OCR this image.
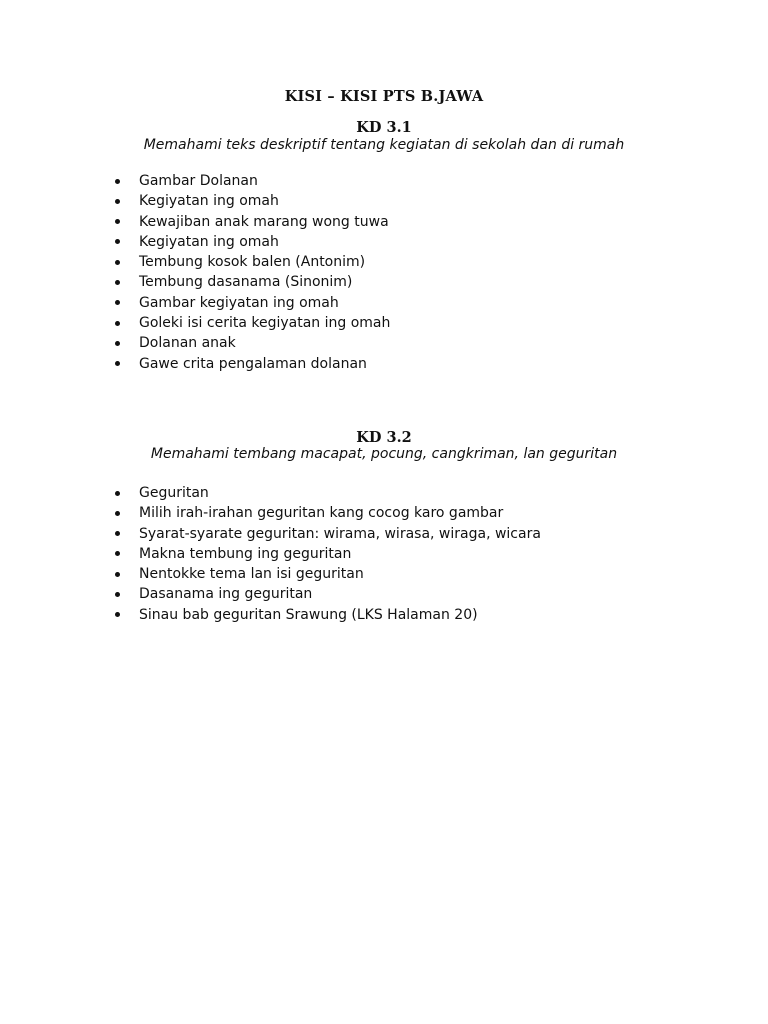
KISI – KISI PTS B.JAWA
KD 3.1
Memahami teks deskriptif tentang kegiatan di sekolah dan di rumah
Gambar Dolanan
Kegiyatan ing omah
Kewajiban anak marang wong tuwa
Kegiyatan ing omah
Tembung kosok balen (Antonim)
Tembung dasanama (Sinonim)
Gambar kegiyatan ing omah
Goleki isi cerita kegiyatan ing omah
Dolanan anak
Gawe crita pengalaman dolanan
KD 3.2
Memahami tembang macapat, pocung, cangkriman, lan geguritan
Geguritan
Milih irah-irahan geguritan kang cocog karo gambar
Syarat-syarate geguritan: wirama, wirasa, wiraga, wicara
Makna tembung ing geguritan
Nentokke tema lan isi geguritan
Dasanama ing geguritan
Sinau bab geguritan Srawung (LKS Halaman 20)
